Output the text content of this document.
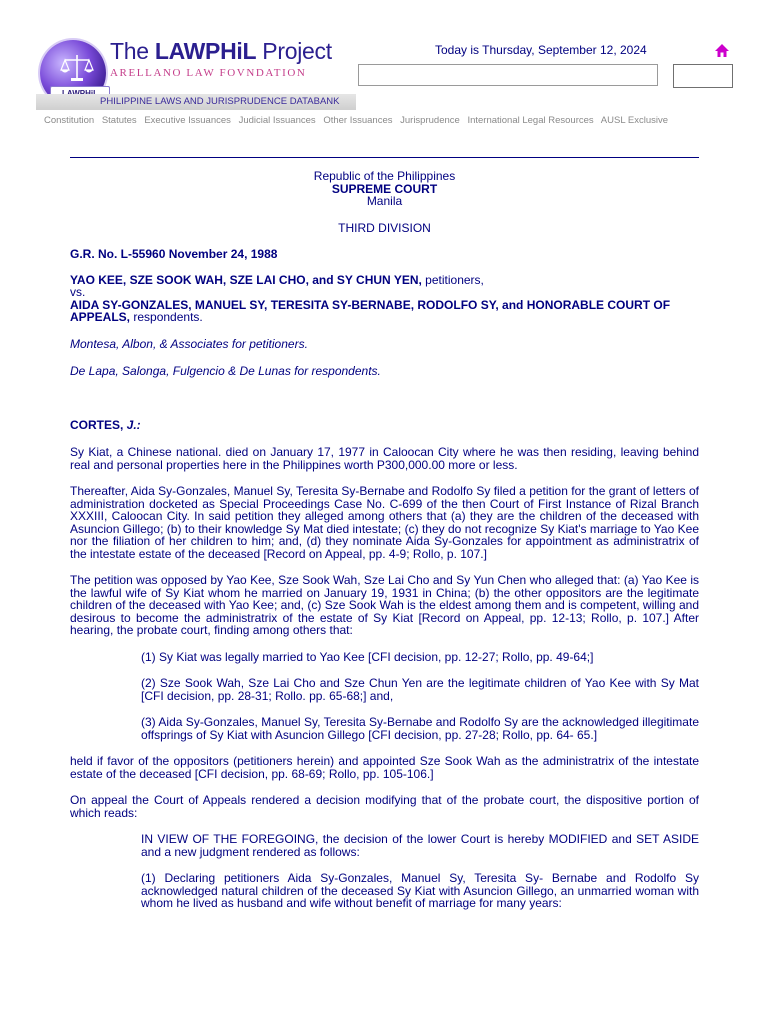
The LAWPHiL Project
ARELLANO LAW FOVNDATION
PHILIPPINE LAWS AND JURISPRUDENCE DATABANK
Today is Thursday, September 12, 2024
Constitution Statutes Executive Issuances Judicial Issuances Other Issuances Jurisprudence International Legal Resources AUSL Exclusive

Republic of the Philippines

SUPREME COURT

Manila

THIRD DIVISION

G.R. No. L-55960 November 24, 1988

YAO KEE, SZE SOOK WAH, SZE LAI CHO, and SY CHUN YEN, petitioners,

vs.

AIDA SY-GONZALES, MANUEL SY, TERESITA SY-BERNABE, RODOLFO SY, and HONORABLE COURT OF APPEALS, respondents.

Montesa, Albon, & Associates for petitioners.

De Lapa, Salonga, Fulgencio & De Lunas for respondents.

CORTES, J.:

Sy Kiat, a Chinese national. died on January 17, 1977 in Caloocan City where he was then residing, leaving behind real and personal properties here in the Philippines worth P300,000.00 more or less.

Thereafter, Aida Sy-Gonzales, Manuel Sy, Teresita Sy-Bernabe and Rodolfo Sy filed a petition for the grant of letters of administration docketed as Special Proceedings Case No. C-699 of the then Court of First Instance of Rizal Branch XXXIII, Caloocan City. In said petition they alleged among others that (a) they are the children of the deceased with Asuncion Gillego; (b) to their knowledge Sy Mat died intestate; (c) they do not recognize Sy Kiat's marriage to Yao Kee nor the filiation of her children to him; and, (d) they nominate Aida Sy-Gonzales for appointment as administratrix of the intestate estate of the deceased [Record on Appeal, pp. 4-9; Rollo, p. 107.]

The petition was opposed by Yao Kee, Sze Sook Wah, Sze Lai Cho and Sy Yun Chen who alleged that: (a) Yao Kee is the lawful wife of Sy Kiat whom he married on January 19, 1931 in China; (b) the other oppositors are the legitimate children of the deceased with Yao Kee; and, (c) Sze Sook Wah is the eldest among them and is competent, willing and desirous to become the administratrix of the estate of Sy Kiat [Record on Appeal, pp. 12-13; Rollo, p. 107.] After hearing, the probate court, finding among others that:

(1) Sy Kiat was legally married to Yao Kee [CFI decision, pp. 12-27; Rollo, pp. 49-64;]

(2) Sze Sook Wah, Sze Lai Cho and Sze Chun Yen are the legitimate children of Yao Kee with Sy Mat [CFI decision, pp. 28-31; Rollo. pp. 65-68;] and,

(3) Aida Sy-Gonzales, Manuel Sy, Teresita Sy-Bernabe and Rodolfo Sy are the acknowledged illegitimate offsprings of Sy Kiat with Asuncion Gillego [CFI decision, pp. 27-28; Rollo, pp. 64- 65.]

held if favor of the oppositors (petitioners herein) and appointed Sze Sook Wah as the administratrix of the intestate estate of the deceased [CFI decision, pp. 68-69; Rollo, pp. 105-106.]

On appeal the Court of Appeals rendered a decision modifying that of the probate court, the dispositive portion of which reads:

IN VIEW OF THE FOREGOING, the decision of the lower Court is hereby MODIFIED and SET ASIDE and a new judgment rendered as follows:

(1) Declaring petitioners Aida Sy-Gonzales, Manuel Sy, Teresita Sy- Bernabe and Rodolfo Sy acknowledged natural children of the deceased Sy Kiat with Asuncion Gillego, an unmarried woman with whom he lived as husband and wife without benefit of marriage for many years:
